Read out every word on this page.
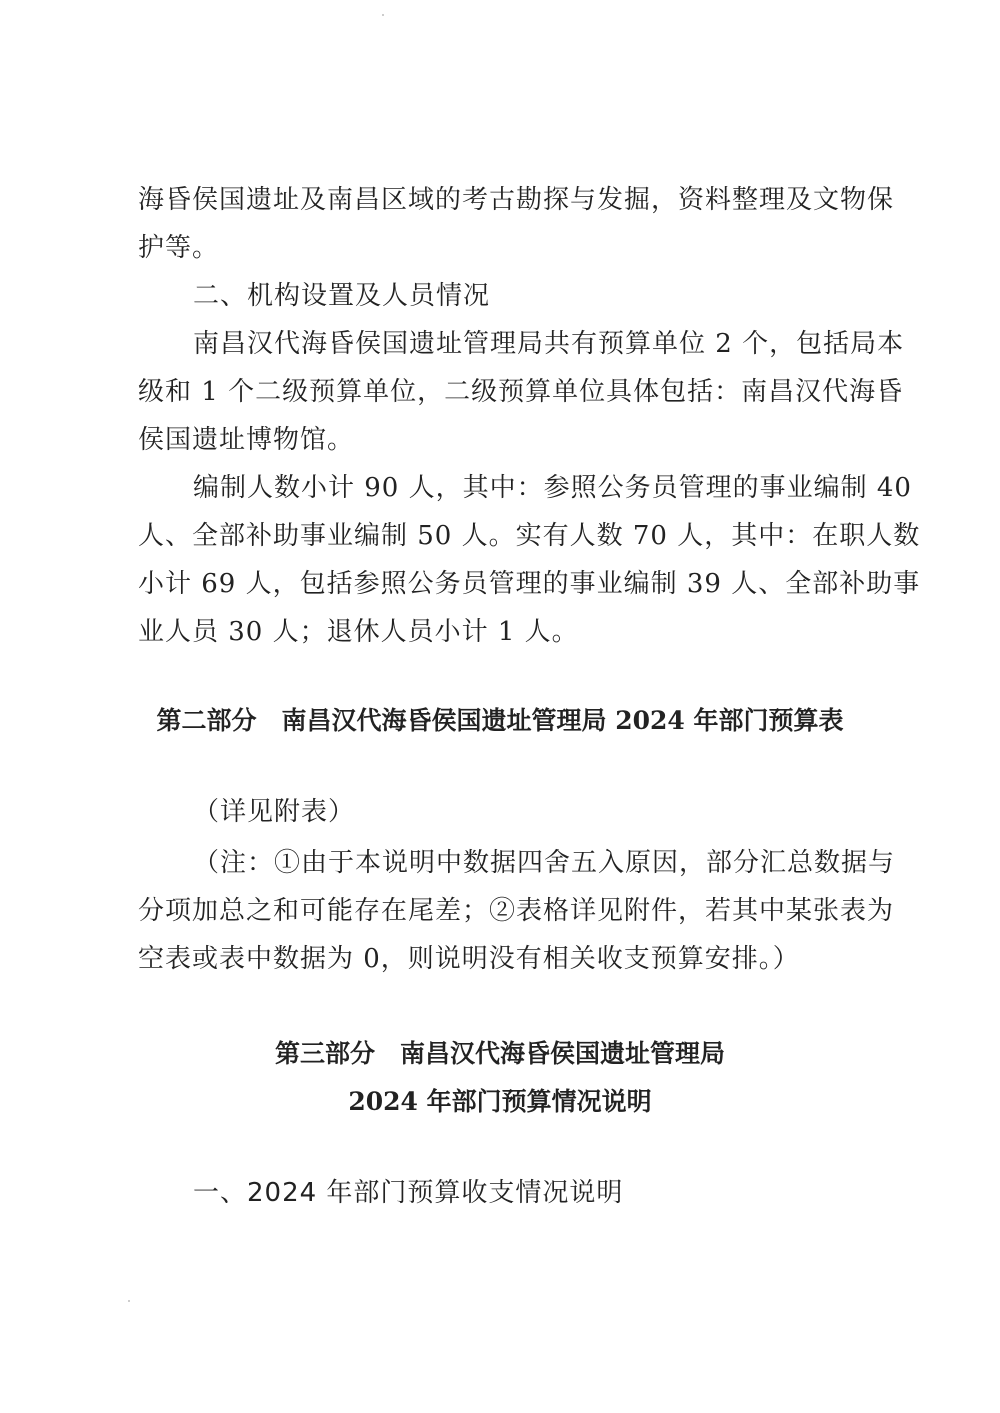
海昏侯国遗址及南昌区域的考古勘探与发掘，资料整理及文物保
护等。
二、机构设置及人员情况
南昌汉代海昏侯国遗址管理局共有预算单位 2 个，包括局本
级和 1 个二级预算单位，二级预算单位具体包括：南昌汉代海昏
侯国遗址博物馆。
编制人数小计 90 人，其中：参照公务员管理的事业编制 40
人、全部补助事业编制 50 人。实有人数 70 人，其中：在职人数
小计 69 人，包括参照公务员管理的事业编制 39 人、全部补助事
业人员 30 人；退休人员小计 1 人。
第二部分　南昌汉代海昏侯国遗址管理局 2024 年部门预算表
（详见附表）
（注：①由于本说明中数据四舍五入原因，部分汇总数据与
分项加总之和可能存在尾差；②表格详见附件，若其中某张表为
空表或表中数据为 0，则说明没有相关收支预算安排。）
第三部分　南昌汉代海昏侯国遗址管理局
2024 年部门预算情况说明
一、2024 年部门预算收支情况说明
